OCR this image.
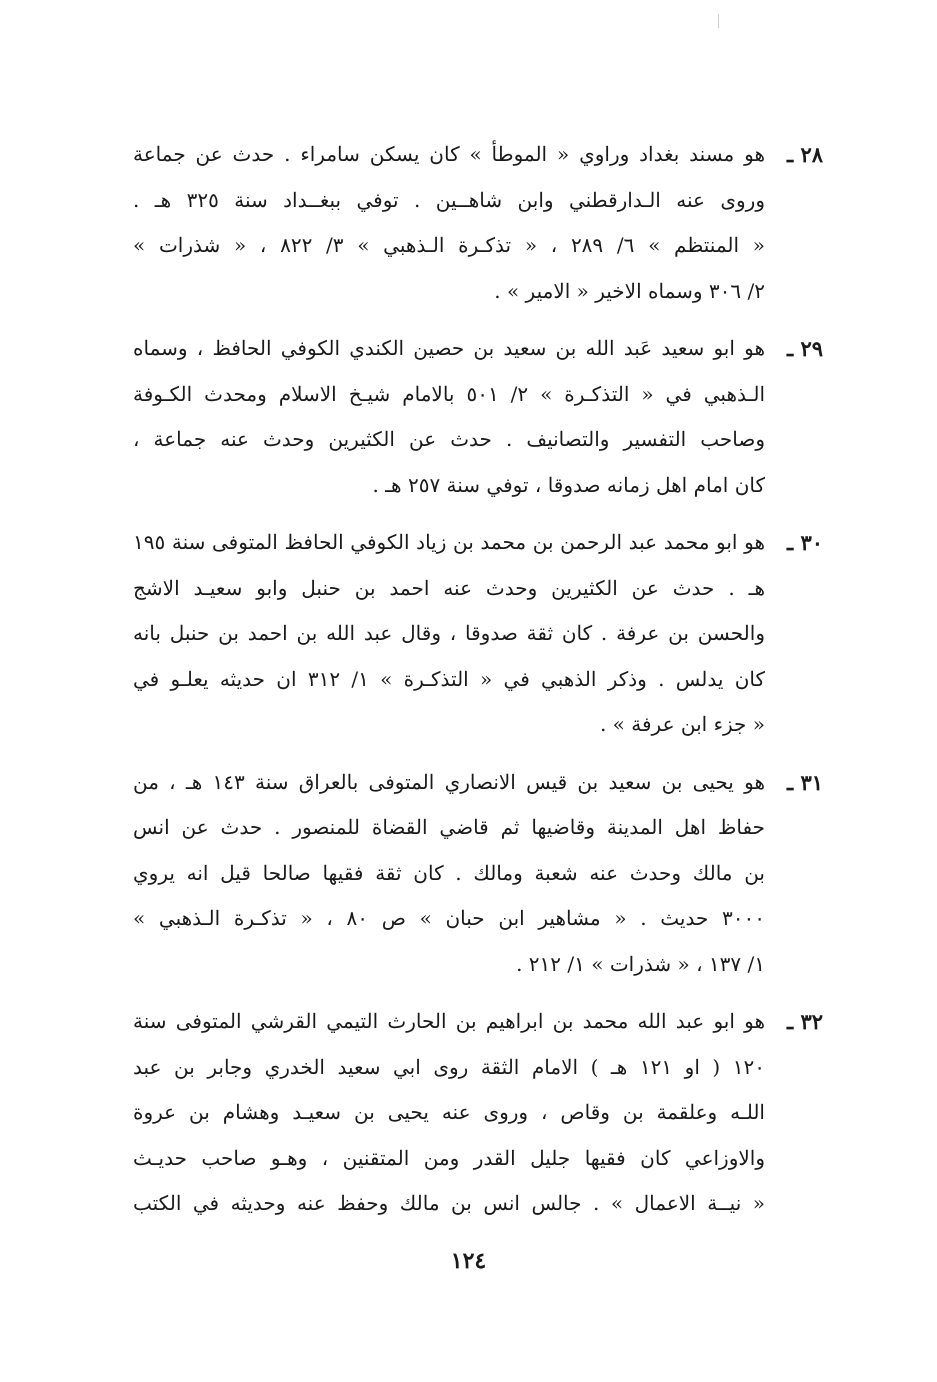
٢٨ ـ
هو مسند بغداد وراوي « الموطأ » كان يسكن سامراء . حدث عن جماعة
وروى عنه الـدارقطني وابن شاهــين . توفي ببغــداد سنة ٣٢٥ هـ .
« المنتظم » ٦/ ٢٨٩ ، « تذكـرة الـذهبي » ٣/ ٨٢٢ ، « شذرات »
٢/ ٣٠٦ وسماه الاخير « الامير » .
٢٩ ـ
هو ابو سعيد عَبد الله بن سعيد بن حصين الكندي الكوفي الحافظ ، وسماه
الـذهبي في « التذكـرة » ٢/ ٥٠١ بالامام شيـخ الاسلام ومحدث الكـوفة
وصاحب التفسير والتصانيف . حدث عن الكثيرين وحدث عنه جماعة ،
كان امام اهل زمانه صدوقا ، توفي سنة ٢٥٧ هـ .
٣٠ ـ
هو ابو محمد عبد الرحمن بن محمد بن زياد الكوفي الحافظ المتوفى سنة ١٩٥
هـ . حدث عن الكثيرين وحدث عنه احمد بن حنبل وابو سعيـد الاشج
والحسن بن عرفة . كان ثقة صدوقا ، وقال عبد الله بن احمد بن حنبل بانه
كان يدلس . وذكر الذهبي في « التذكـرة » ١/ ٣١٢ ان حديثه يعلـو في
« جزء ابن عرفة » .
٣١ ـ
هو يحيى بن سعيد بن قيس الانصاري المتوفى بالعراق سنة ١٤٣ هـ ، من
حفاظ اهل المدينة وقاضيها ثم قاضي القضاة للمنصور . حدث عن انس
بن مالك وحدث عنه شعبة ومالك . كان ثقة فقيها صالحا قيل انه يروي
٣٠٠٠ حديث . « مشاهير ابن حبان » ص ٨٠ ، « تذكـرة الـذهبي »
١/ ١٣٧ ، « شذرات » ١/ ٢١٢ .
٣٢ ـ
هو ابو عبد الله محمد بن ابراهيم بن الحارث التيمي القرشي المتوفى سنة
١٢٠ ( او ١٢١ هـ ) الامام الثقة روى ابي سعيد الخدري وجابر بن عبد
اللـه وعلقمة بن وقاص ، وروى عنه يحيى بن سعيـد وهشام بن عروة
والاوزاعي كان فقيها جليل القدر ومن المتقنين ، وهـو صاحب حديـث
« نيــة الاعمال » . جالس انس بن مالك وحفظ عنه وحديثه في الكتب
١٢٤
